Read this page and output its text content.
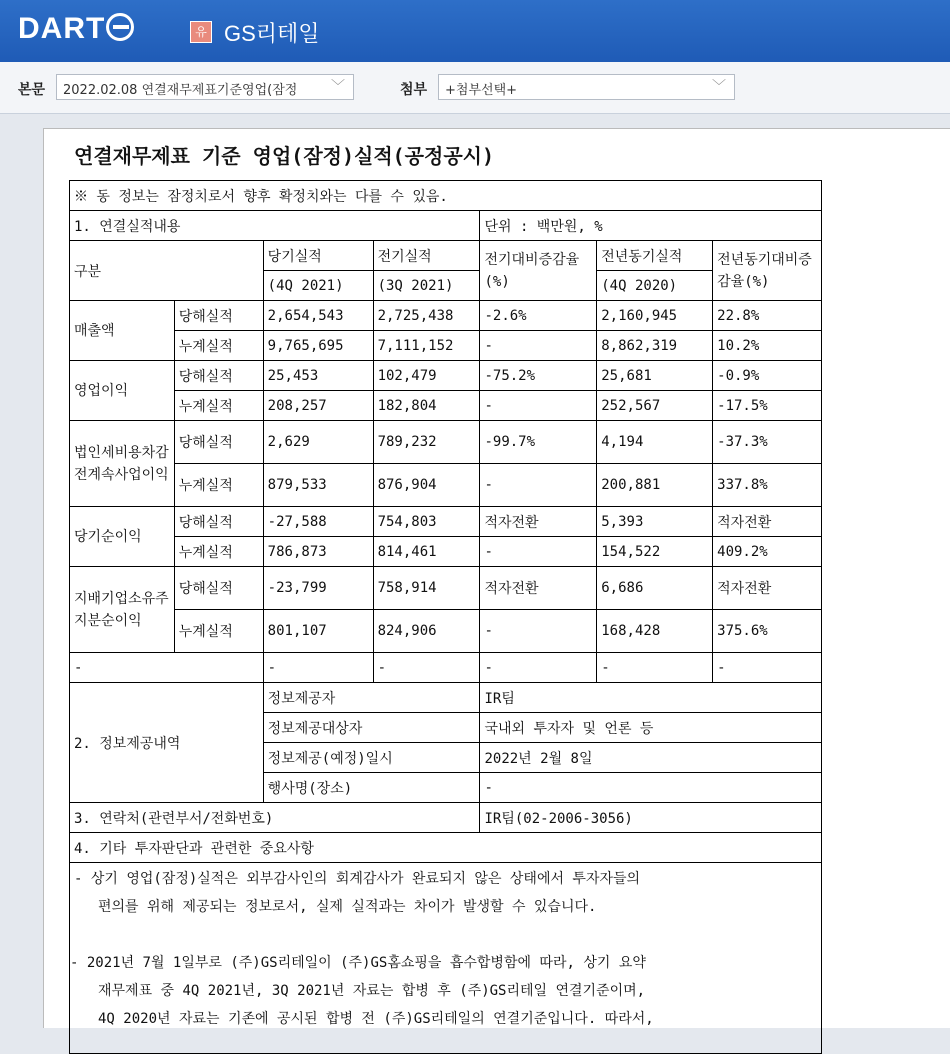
DART	유 GS리테일
본문	2022.02.08 연결재무제표기준영업(잠정 ﹀	첨부	+첨부선택+	﹀
연결재무제표 기준 영업(잠정)실적(공정공시)
※ 동 정보는 잠정치로서 향후 확정치와는 다를 수 있음.						
1. 연결실적내용				단위 : 백만원, %		
구분		당기실적	전기실적	전기대비증감율(%)	전년동기실적	전년동기대비증감율(%)
		(4Q 2021)	(3Q 2021)		(4Q 2020)	
매출액	당해실적	2,654,543	2,725,438	-2.6%	2,160,945	22.8%
	누계실적	9,765,695	7,111,152	-	8,862,319	10.2%
영업이익	당해실적	25,453	102,479	-75.2%	25,681	-0.9%
	누계실적	208,257	182,804	-	252,567	-17.5%
법인세비용차감전계속사업이익	당해실적	2,629	789,232	-99.7%	4,194	-37.3%
	누계실적	879,533	876,904	-	200,881	337.8%
당기순이익	당해실적	-27,588	754,803	적자전환	5,393	적자전환
	누계실적	786,873	814,461	-	154,522	409.2%
지배기업소유주지분순이익	당해실적	-23,799	758,914	적자전환	6,686	적자전환
	누계실적	801,107	824,906	-	168,428	375.6%
-		-	-	-	-	-
2. 정보제공내역		정보제공자		IR팀		
		정보제공대상자		국내외 투자자 및 언론 등		
		정보제공(예정)일시		2022년 2월 8일		
		행사명(장소)		-		
3. 연락처(관련부서/전화번호)				IR팀(02-2006-3056)		
4. 기타 투자판단과 관련한 중요사항						

- 상기 영업(잠정)실적은 외부감사인의 회계감사가 완료되지 않은 상태에서 투자자들의
편의를 위해 제공되는 정보로서, 실제 실적과는 차이가 발생할 수 있습니다.
- 2021년 7월 1일부로 (주)GS리테일이 (주)GS홈쇼핑을 흡수합병함에 따라, 상기 요약
재무제표 중 4Q 2021년, 3Q 2021년 자료는 합병 후 (주)GS리테일 연결기준이며,
4Q 2020년 자료는 기존에 공시된 합병 전 (주)GS리테일의 연결기준입니다. 따라서,						
